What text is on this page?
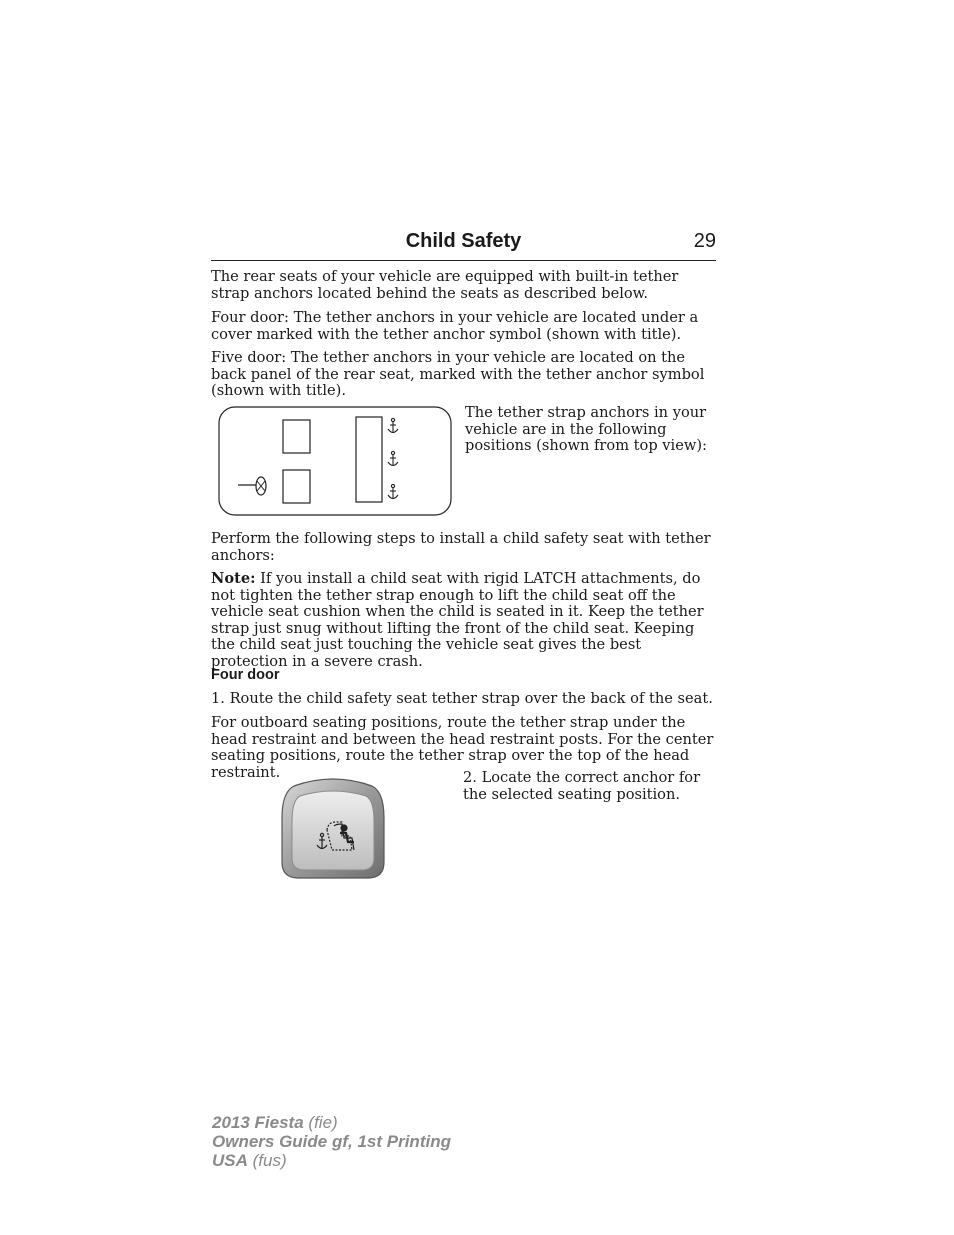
Child Safety	29

The rear seats of your vehicle are equipped with built-in tether strap anchors located behind the seats as described below.

Four door: The tether anchors in your vehicle are located under a cover marked with the tether anchor symbol (shown with title).

Five door: The tether anchors in your vehicle are located on the back panel of the rear seat, marked with the tether anchor symbol (shown with title).

The tether strap anchors in your vehicle are in the following positions (shown from top view):

Perform the following steps to install a child safety seat with tether anchors:

Note: If you install a child seat with rigid LATCH attachments, do not tighten the tether strap enough to lift the child seat off the vehicle seat cushion when the child is seated in it. Keep the tether strap just snug without lifting the front of the child seat. Keeping the child seat just touching the vehicle seat gives the best protection in a severe crash.

Four door

1. Route the child safety seat tether strap over the back of the seat.

For outboard seating positions, route the tether strap under the head restraint and between the head restraint posts. For the center seating positions, route the tether strap over the top of the head restraint.	2. Locate the correct anchor for the selected seating position.

2013 Fiesta (fie)
Owners Guide gf, 1st Printing
USA (fus)
